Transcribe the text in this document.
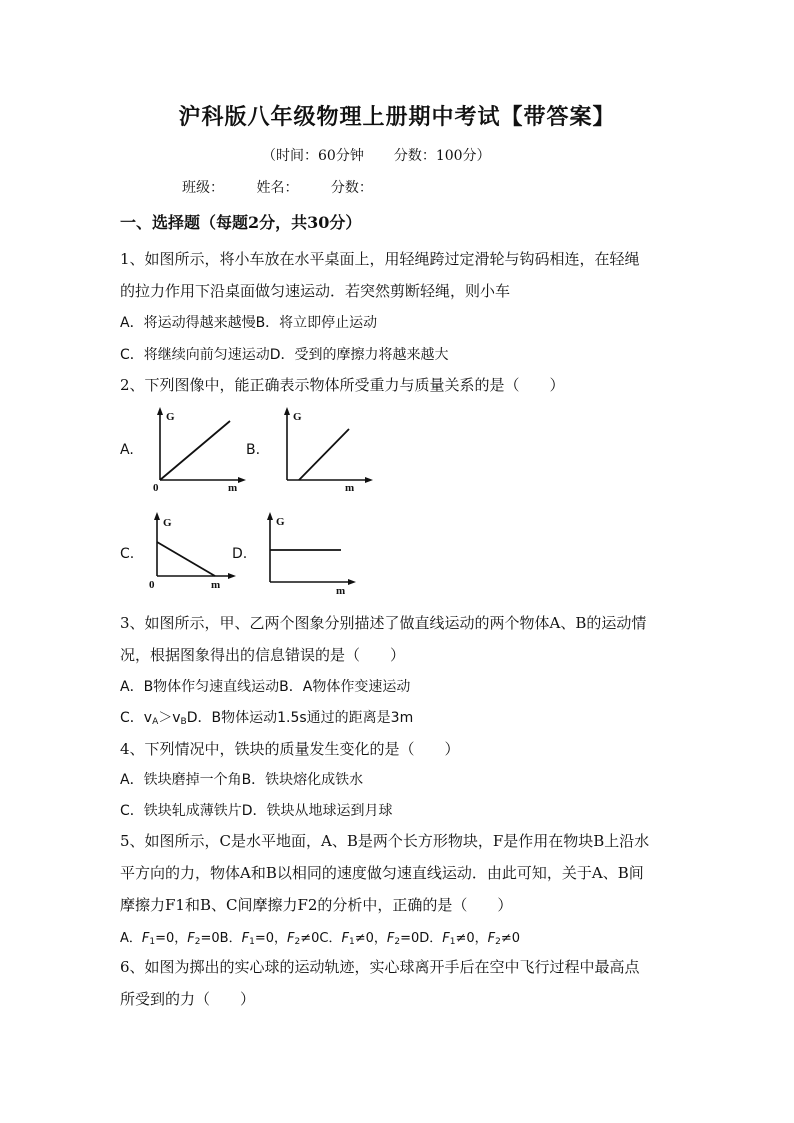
沪科版八年级物理上册期中考试【带答案】
（时间：60分钟 分数：100分）
班级： 姓名： 分数：
一、选择题（每题2分，共30分）
1、如图所示，将小车放在水平桌面上，用轻绳跨过定滑轮与钩码相连，在轻绳
的拉力作用下沿桌面做匀速运动．若突然剪断轻绳，则小车
A．将运动得越来越慢B．将立即停止运动
C．将继续向前匀速运动D．受到的摩擦力将越来越大
2、下列图像中，能正确表示物体所受重力与质量关系的是（　　）
A.
G
0	m
B.
G
m
C.
G
0	m
D.
G
m
3、如图所示，甲、乙两个图象分别描述了做直线运动的两个物体A、B的运动情
况，根据图象得出的信息错误的是（　　）
A．B物体作匀速直线运动B．A物体作变速运动
C．$v_A>v_BD$．B物体运动1.5s通过的距离是3m
4、下列情况中，铁块的质量发生变化的是（　　）
A．铁块磨掉一个角B．铁块熔化成铁水
C．铁块轧成薄铁片D．铁块从地球运到月球
5、如图所示，C是水平地面，A、B是两个长方形物块，F是作用在物块B上沿水
平方向的力，物体A和B以相同的速度做匀速直线运动．由此可知，关于A、B间
摩擦力F1和B、C间摩擦力F2的分析中，正确的是（　　）
A．$F_1=0$，$F_2=0B$．$F_1=0$，$F_2\ne 0C$．$F_1\ne 0$，$F_2=0D$．$F_1\ne 0$，$F_2\ne 0$
6、如图为掷出的实心球的运动轨迹，实心球离开手后在空中飞行过程中最高点
所受到的力（　　）
